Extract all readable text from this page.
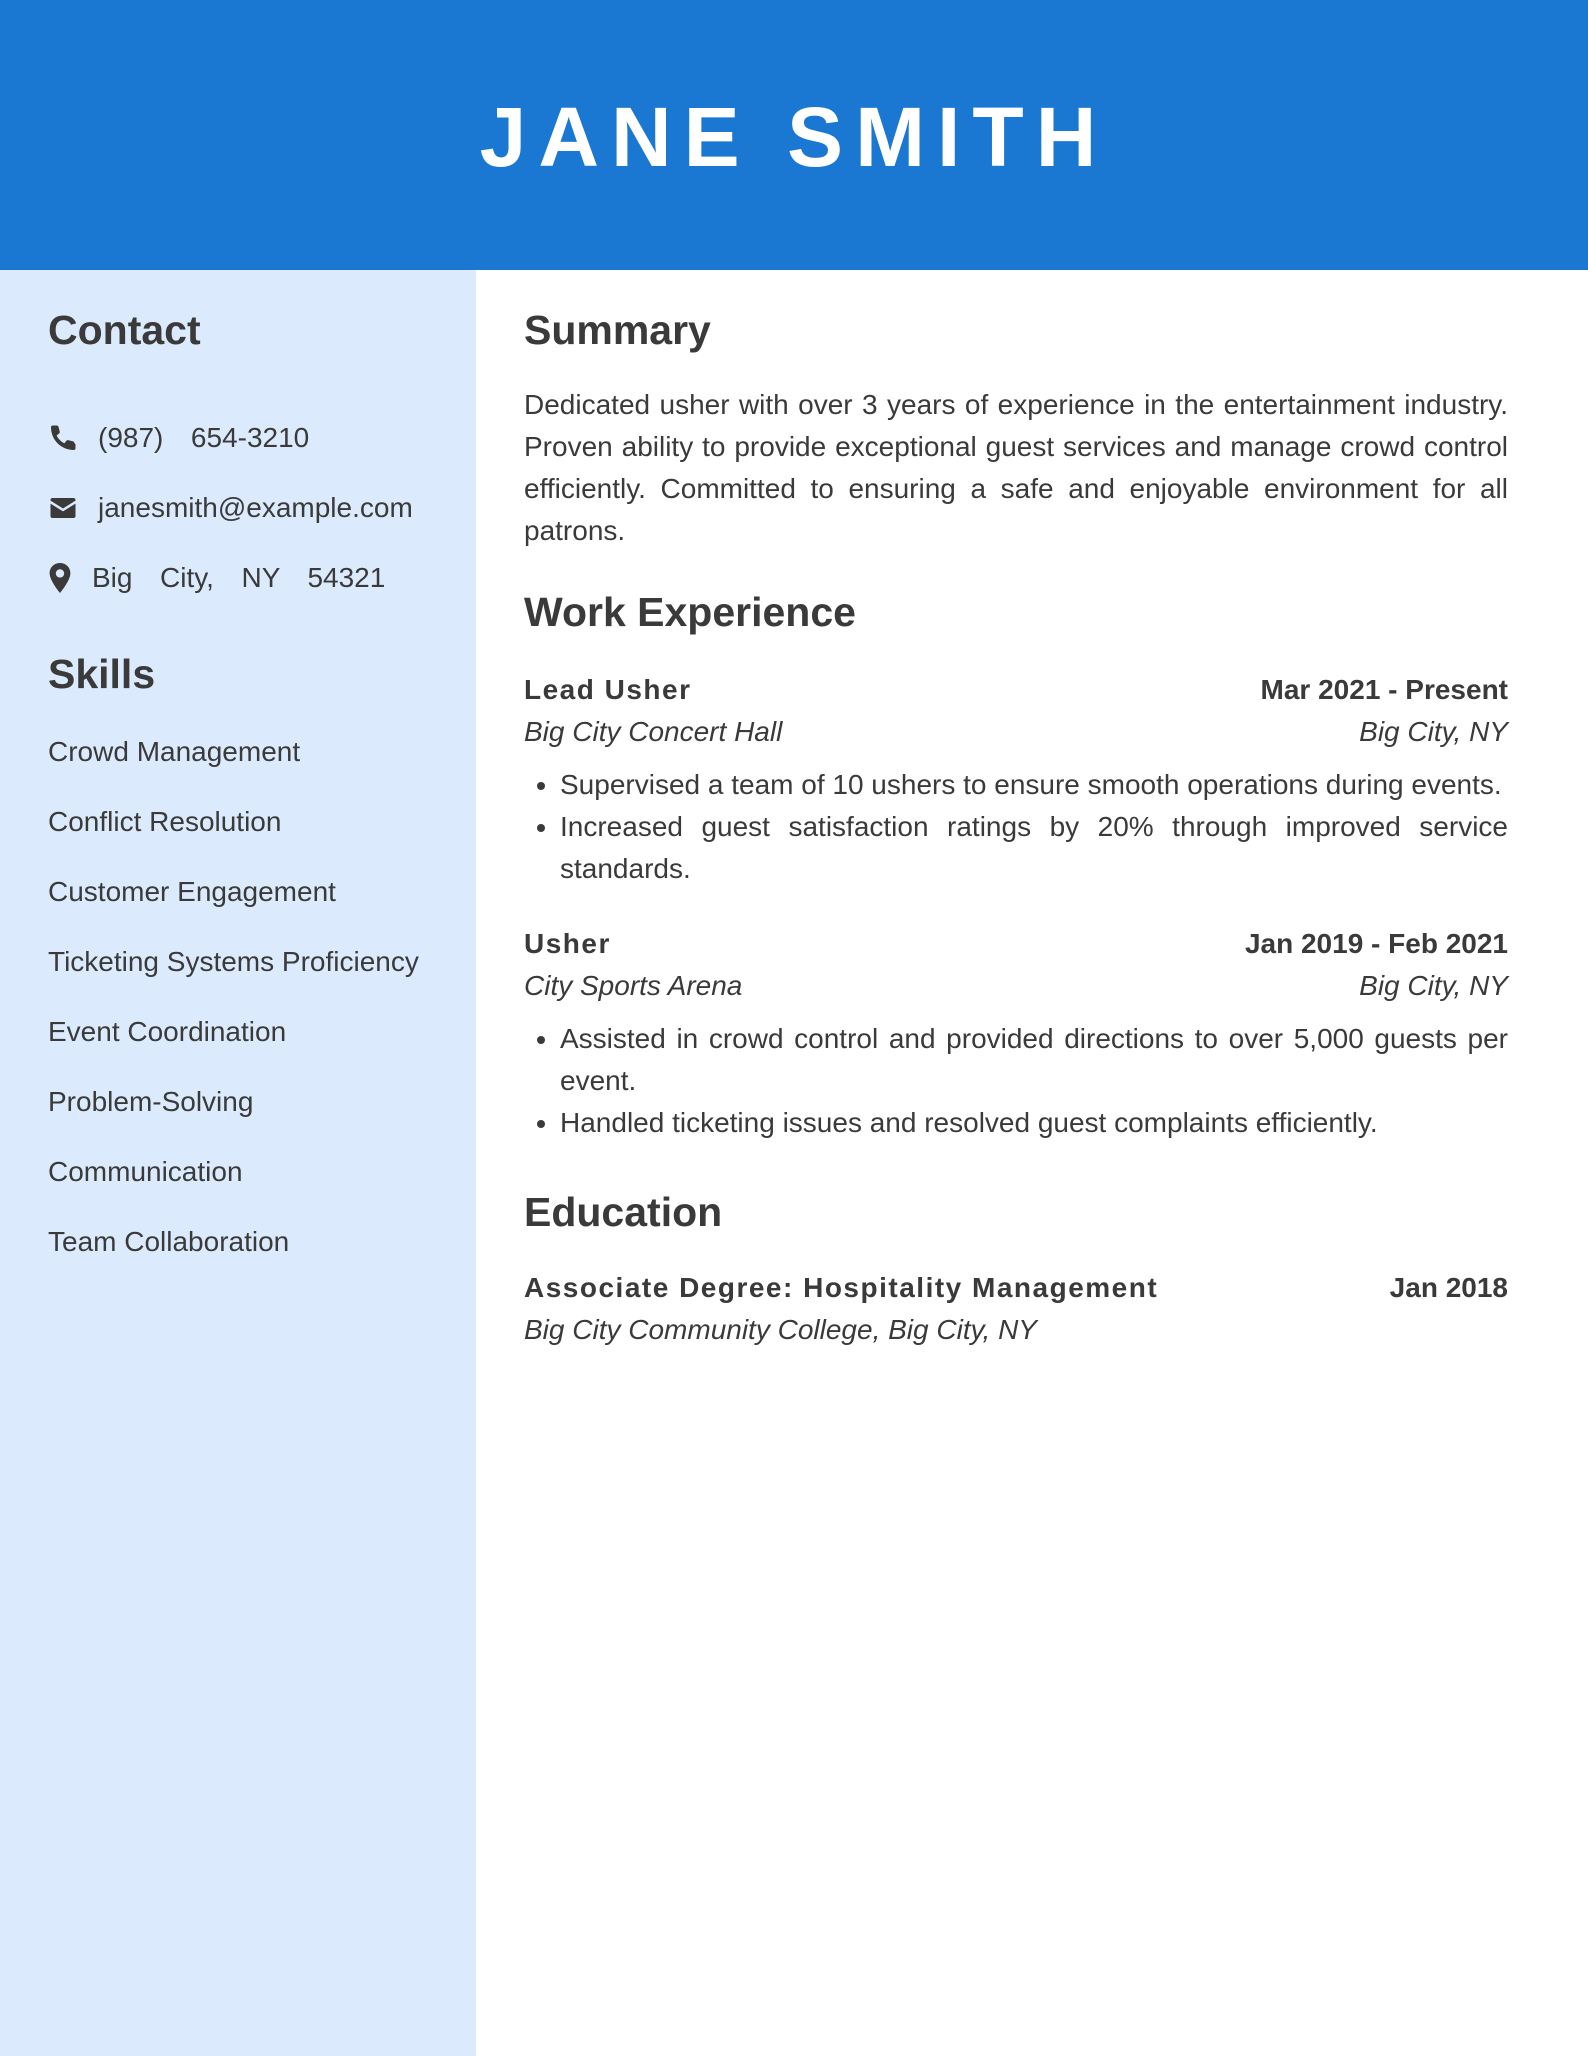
JANE SMITH
Contact
(987)  654-3210
janesmith@example.com
Big  City,  NY  54321
Skills
Crowd Management
Conflict Resolution
Customer Engagement
Ticketing Systems Proficiency
Event Coordination
Problem-Solving
Communication
Team Collaboration
Summary

Dedicated usher with over 3 years of experience in the entertainment industry. Proven ability to provide exceptional guest services and manage crowd control efficiently. Committed to ensuring a safe and enjoyable environment for all patrons.

Work Experience
Lead Usher	Mar 2021 - Present
Big City Concert Hall	Big City, NY
• Supervised a team of 10 ushers to ensure smooth operations during events.
• Increased guest satisfaction ratings by 20% through improved service standards.
Usher	Jan 2019 - Feb 2021
City Sports Arena	Big City, NY
• Assisted in crowd control and provided directions to over 5,000 guests per event.
• Handled ticketing issues and resolved guest complaints efficiently.
Education
Associate Degree: Hospitality Management	Jan 2018
Big City Community College, Big City, NY
